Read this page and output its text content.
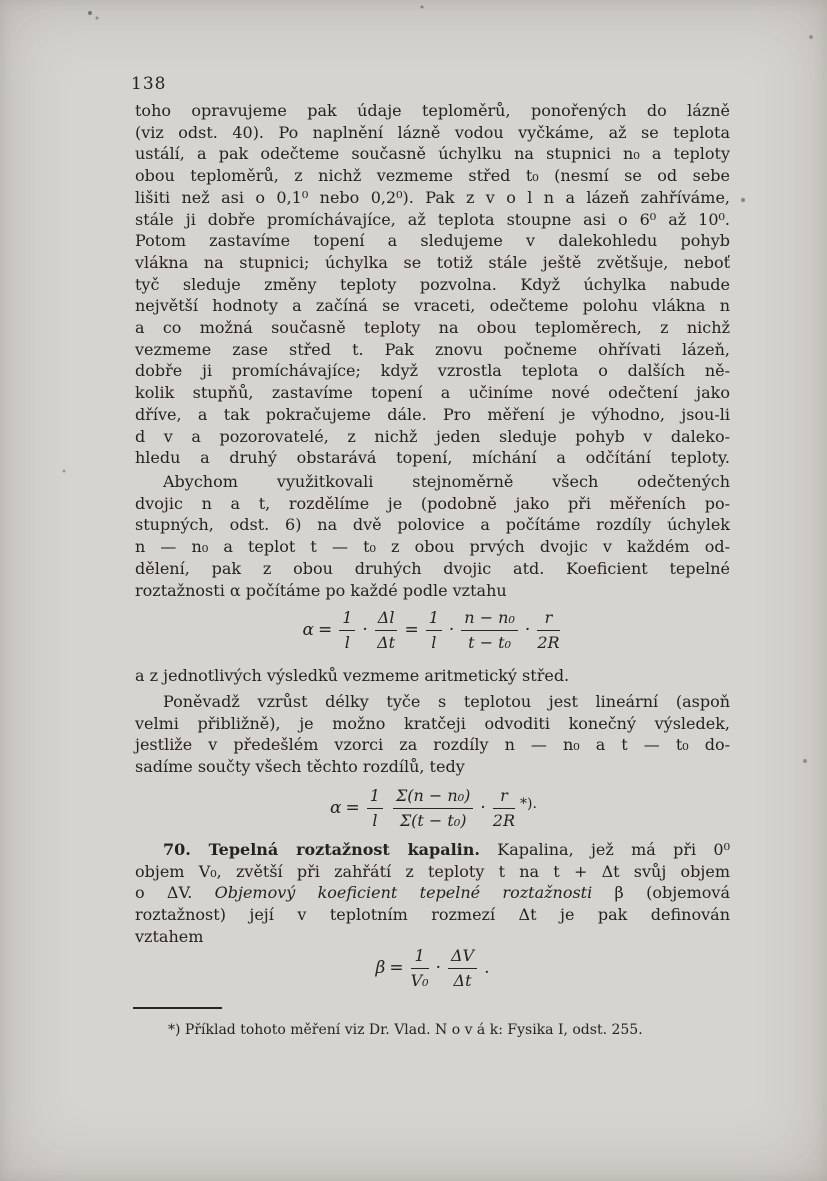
138
toho opravujeme pak údaje teploměrů, ponořených do lázně
(viz odst. 40). Po naplnění lázně vodou vyčkáme, až se teplota
ustálí, a pak odečteme současně úchylku na stupnici n₀ a teploty
obou teploměrů, z nichž vezmeme střed t₀ (nesmí se od sebe
lišiti než asi o 0,1⁰ nebo 0,2⁰). Pak z v o l n a lázeň zahříváme,
stále ji dobře promíchávajíce, až teplota stoupne asi o 6⁰ až 10⁰.
Potom zastavíme topení a sledujeme v dalekohledu pohyb
vlákna na stupnici; úchylka se totiž stále ještě zvětšuje, neboť
tyč sleduje změny teploty pozvolna. Když úchylka nabude
největší hodnoty a začíná se vraceti, odečteme polohu vlákna n
a co možná současně teploty na obou teploměrech, z nichž
vezmeme zase střed t. Pak znovu počneme ohřívati lázeň,
dobře ji promíchávajíce; když vzrostla teplota o dalších ně-
kolik stupňů, zastavíme topení a učiníme nové odečtení jako
dříve, a tak pokračujeme dále. Pro měření je výhodno, jsou-li
d v a pozorovatelé, z nichž jeden sleduje pohyb v daleko-
hledu a druhý obstarává topení, míchání a odčítání teploty.
Abychom využitkovali stejnoměrně všech odečtených
dvojic n a t, rozdělíme je (podobně jako při měřeních po-
stupných, odst. 6) na dvě polovice a počítáme rozdíly úchylek
n — n₀ a teplot t — t₀ z obou prvých dvojic v každém od-
dělení, pak z obou druhých dvojic atd. Koeficient tepelné
roztažnosti α počítáme po každé podle vztahu
$\alpha = \frac{1}{l} \cdot \frac{\Delta l}{\Delta t} = \frac{1}{l} \cdot \frac{\text{n − n₀}}{\text{t − t₀}} \cdot \frac{r}{2R}$
a z jednotlivých výsledků vezmeme aritmetický střed.
Poněvadž vzrůst délky tyče s teplotou jest lineární (aspoň
velmi přibližně), je možno kratčeji odvoditi konečný výsledek,
jestliže v předešlém vzorci za rozdíly n — n₀ a t — t₀ do-
sadíme součty všech těchto rozdílů, tedy
$\alpha = \frac{1}{l} \frac{\text{Σ(n − n₀)}}{\text{Σ(t − t₀)}} \cdot \frac{r}{2R} ^{*).}$
70. Tepelná roztažnost kapalin. Kapalina, jež má při 0⁰
objem V₀, zvětší při zahřátí z teploty t na t + Δt svůj objem
o ΔV. Objemový koeficient tepelné roztažnosti β (objemová
roztažnost) její v teplotním rozmezí Δt je pak definován
vztahem
$\beta = \frac{1}{\text{V₀}} \cdot \frac{\Delta V}{\Delta t}$ .
*) Příklad tohoto měření viz Dr. Vlad. N o v á k: Fysika I, odst. 255.
